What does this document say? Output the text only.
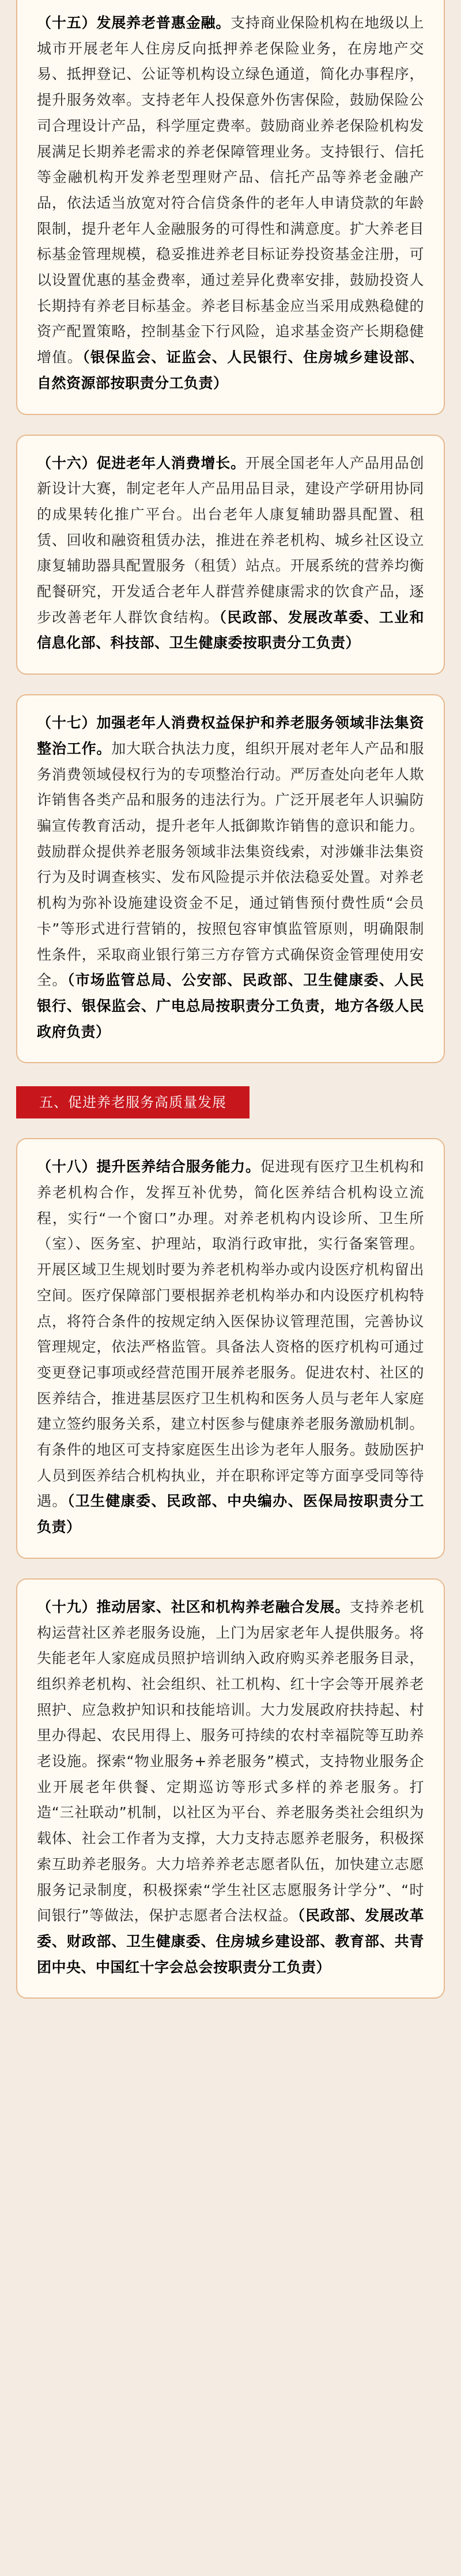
（十五）发展养老普惠金融。支持商业保险机构在地级以上城市开展老年人住房反向抵押养老保险业务，在房地产交易、抵押登记、公证等机构设立绿色通道，简化办事程序，提升服务效率。支持老年人投保意外伤害保险，鼓励保险公司合理设计产品，科学厘定费率。鼓励商业养老保险机构发展满足长期养老需求的养老保障管理业务。支持银行、信托等金融机构开发养老型理财产品、信托产品等养老金融产品，依法适当放宽对符合信贷条件的老年人申请贷款的年龄限制，提升老年人金融服务的可得性和满意度。扩大养老目标基金管理规模，稳妥推进养老目标证券投资基金注册，可以设置优惠的基金费率，通过差异化费率安排，鼓励投资人长期持有养老目标基金。养老目标基金应当采用成熟稳健的资产配置策略，控制基金下行风险，追求基金资产长期稳健增值。（银保监会、证监会、人民银行、住房城乡建设部、自然资源部按职责分工负责）

（十六）促进老年人消费增长。开展全国老年人产品用品创新设计大赛，制定老年人产品用品目录，建设产学研用协同的成果转化推广平台。出台老年人康复辅助器具配置、租赁、回收和融资租赁办法，推进在养老机构、城乡社区设立康复辅助器具配置服务（租赁）站点。开展系统的营养均衡配餐研究，开发适合老年人群营养健康需求的饮食产品，逐步改善老年人群饮食结构。（民政部、发展改革委、工业和信息化部、科技部、卫生健康委按职责分工负责）

（十七）加强老年人消费权益保护和养老服务领域非法集资整治工作。加大联合执法力度，组织开展对老年人产品和服务消费领域侵权行为的专项整治行动。严厉查处向老年人欺诈销售各类产品和服务的违法行为。广泛开展老年人识骗防骗宣传教育活动，提升老年人抵御欺诈销售的意识和能力。鼓励群众提供养老服务领域非法集资线索，对涉嫌非法集资行为及时调查核实、发布风险提示并依法稳妥处置。对养老机构为弥补设施建设资金不足，通过销售预付费性质“会员卡”等形式进行营销的，按照包容审慎监管原则，明确限制性条件，采取商业银行第三方存管方式确保资金管理使用安全。（市场监管总局、公安部、民政部、卫生健康委、人民银行、银保监会、广电总局按职责分工负责，地方各级人民政府负责）

五、促进养老服务高质量发展

（十八）提升医养结合服务能力。促进现有医疗卫生机构和养老机构合作，发挥互补优势，简化医养结合机构设立流程，实行“一个窗口”办理。对养老机构内设诊所、卫生所（室）、医务室、护理站，取消行政审批，实行备案管理。开展区域卫生规划时要为养老机构举办或内设医疗机构留出空间。医疗保障部门要根据养老机构举办和内设医疗机构特点，将符合条件的按规定纳入医保协议管理范围，完善协议管理规定，依法严格监管。具备法人资格的医疗机构可通过变更登记事项或经营范围开展养老服务。促进农村、社区的医养结合，推进基层医疗卫生机构和医务人员与老年人家庭建立签约服务关系，建立村医参与健康养老服务激励机制。有条件的地区可支持家庭医生出诊为老年人服务。鼓励医护人员到医养结合机构执业，并在职称评定等方面享受同等待遇。（卫生健康委、民政部、中央编办、医保局按职责分工负责）

（十九）推动居家、社区和机构养老融合发展。支持养老机构运营社区养老服务设施，上门为居家老年人提供服务。将失能老年人家庭成员照护培训纳入政府购买养老服务目录，组织养老机构、社会组织、社工机构、红十字会等开展养老照护、应急救护知识和技能培训。大力发展政府扶持起、村里办得起、农民用得上、服务可持续的农村幸福院等互助养老设施。探索“物业服务+养老服务”模式，支持物业服务企业开展老年供餐、定期巡访等形式多样的养老服务。打造“三社联动”机制，以社区为平台、养老服务类社会组织为载体、社会工作者为支撑，大力支持志愿养老服务，积极探索互助养老服务。大力培养养老志愿者队伍，加快建立志愿服务记录制度，积极探索“学生社区志愿服务计学分”、“时间银行”等做法，保护志愿者合法权益。（民政部、发展改革委、财政部、卫生健康委、住房城乡建设部、教育部、共青团中央、中国红十字会总会按职责分工负责）
